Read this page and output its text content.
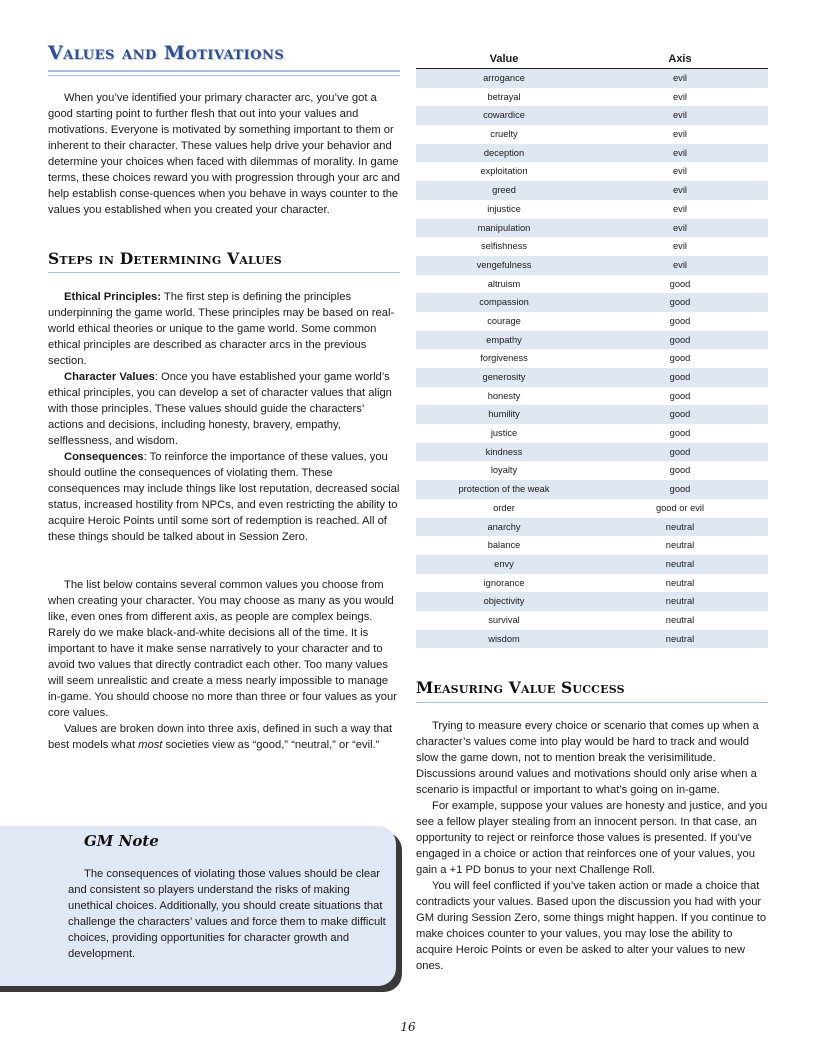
Values and Motivations

When you’ve identified your primary character arc, you’ve got a good starting point to further flesh that out into your values and motivations. Everyone is motivated by something important to them or inherent to their character. These values help drive your behavior and determine your choices when faced with dilemmas of morality. In game terms, these choices reward you with progression through your arc and help establish conse-quences when you behave in ways counter to the values you established when you created your character.

Steps in Determining Values

Ethical Principles: The first step is defining the principles underpinning the game world. These principles may be based on real-world ethical theories or unique to the game world. Some common ethical principles are described as character arcs in the previous section.

Character Values: Once you have established your game world’s ethical principles, you can develop a set of character values that align with those principles. These values should guide the characters’ actions and decisions, including honesty, bravery, empathy, selflessness, and wisdom.

Consequences: To reinforce the importance of these values, you should outline the consequences of violating them. These consequences may include things like lost reputation, decreased social status, increased hostility from NPCs, and even restricting the ability to acquire Heroic Points until some sort of redemption is reached. All of these things should be talked about in Session Zero.

The list below contains several common values you choose from when creating your character. You may choose as many as you would like, even ones from different axis, as people are complex beings. Rarely do we make black-and-white decisions all of the time. It is important to have it make sense narratively to your character and to avoid two values that directly contradict each other. Too many values will seem unrealistic and create a mess nearly impossible to manage in-game. You should choose no more than three or four values as your core values.

Values are broken down into three axis, defined in such a way that best models what most societies view as “good,” “neutral,” or “evil.”

GM Note

The consequences of violating those values should be clear and consistent so players understand the risks of making unethical choices. Additionally, you should create situations that challenge the characters’ values and force them to make difficult choices, providing opportunities for character growth and development.

Value	Axis
arrogance	evil
betrayal	evil
cowardice	evil
cruelty	evil
deception	evil
exploitation	evil
greed	evil
injustice	evil
manipulation	evil
selfishness	evil
vengefulness	evil
altruism	good
compassion	good
courage	good
empathy	good
forgiveness	good
generosity	good
honesty	good
humility	good
justice	good
kindness	good
loyalty	good
protection of the weak	good
order	good or evil
anarchy	neutral
balance	neutral
envy	neutral
ignorance	neutral
objectivity	neutral
survival	neutral
wisdom	neutral
Measuring Value Success

Trying to measure every choice or scenario that comes up when a character’s values come into play would be hard to track and would slow the game down, not to mention break the verisimilitude. Discussions around values and motivations should only arise when a scenario is impactful or important to what’s going on in-game.

For example, suppose your values are honesty and justice, and you see a fellow player stealing from an innocent person. In that case, an opportunity to reject or reinforce those values is presented. If you’ve engaged in a choice or action that reinforces one of your values, you gain a +1 PD bonus to your next Challenge Roll.

You will feel conflicted if you’ve taken action or made a choice that contradicts your values. Based upon the discussion you had with your GM during Session Zero, some things might happen. If you continue to make choices counter to your values, you may lose the ability to acquire Heroic Points or even be asked to alter your values to new ones.

16
